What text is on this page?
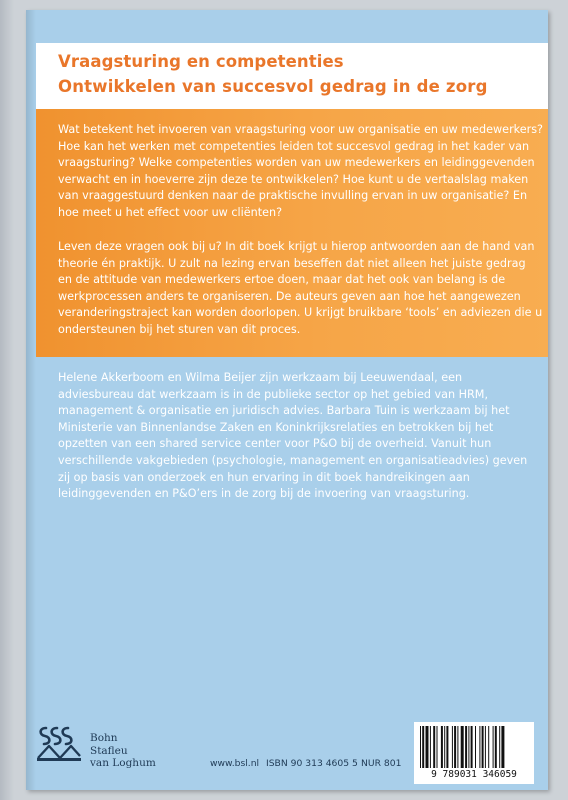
Vraagsturing en competenties
Ontwikkelen van succesvol gedrag in de zorg

Wat betekent het invoeren van vraagsturing voor uw organisatie en uw medewerkers? Hoe kan het werken met competenties leiden tot succesvol gedrag in het kader van vraagsturing? Welke competenties worden van uw medewerkers en leidinggevenden verwacht en in hoeverre zijn deze te ontwikkelen? Hoe kunt u de vertaalslag maken van vraaggestuurd denken naar de praktische invulling ervan in uw organisatie? En hoe meet u het effect voor uw cliënten?

Leven deze vragen ook bij u? In dit boek krijgt u hierop antwoorden aan de hand van theorie én praktijk. U zult na lezing ervan beseffen dat niet alleen het juiste gedrag en de attitude van medewerkers ertoe doen, maar dat het ook van belang is de werkprocessen anders te organiseren. De auteurs geven aan hoe het aangewezen veranderingstraject kan worden doorlopen. U krijgt bruikbare ‘tools’ en adviezen die u ondersteunen bij het sturen van dit proces.

Helene Akkerboom en Wilma Beijer zijn werkzaam bij Leeuwendaal, een adviesbureau dat werkzaam is in de publieke sector op het gebied van HRM, management & organisatie en juridisch advies. Barbara Tuin is werkzaam bij het Ministerie van Binnenlandse Zaken en Koninkrijksrelaties en betrokken bij het opzetten van een shared service center voor P&O bij de overheid. Vanuit hun verschillende vakgebieden (psychologie, management en organisatieadvies) geven zij op basis van onderzoek en hun ervaring in dit boek handreikingen aan leidinggevenden en P&O’ers in de zorg bij de invoering van vraagsturing.

Bohn
Stafleu
van Loghum	www.bsl.nl ISBN 90 313 4605 5 NUR 801

9 789031 346059
